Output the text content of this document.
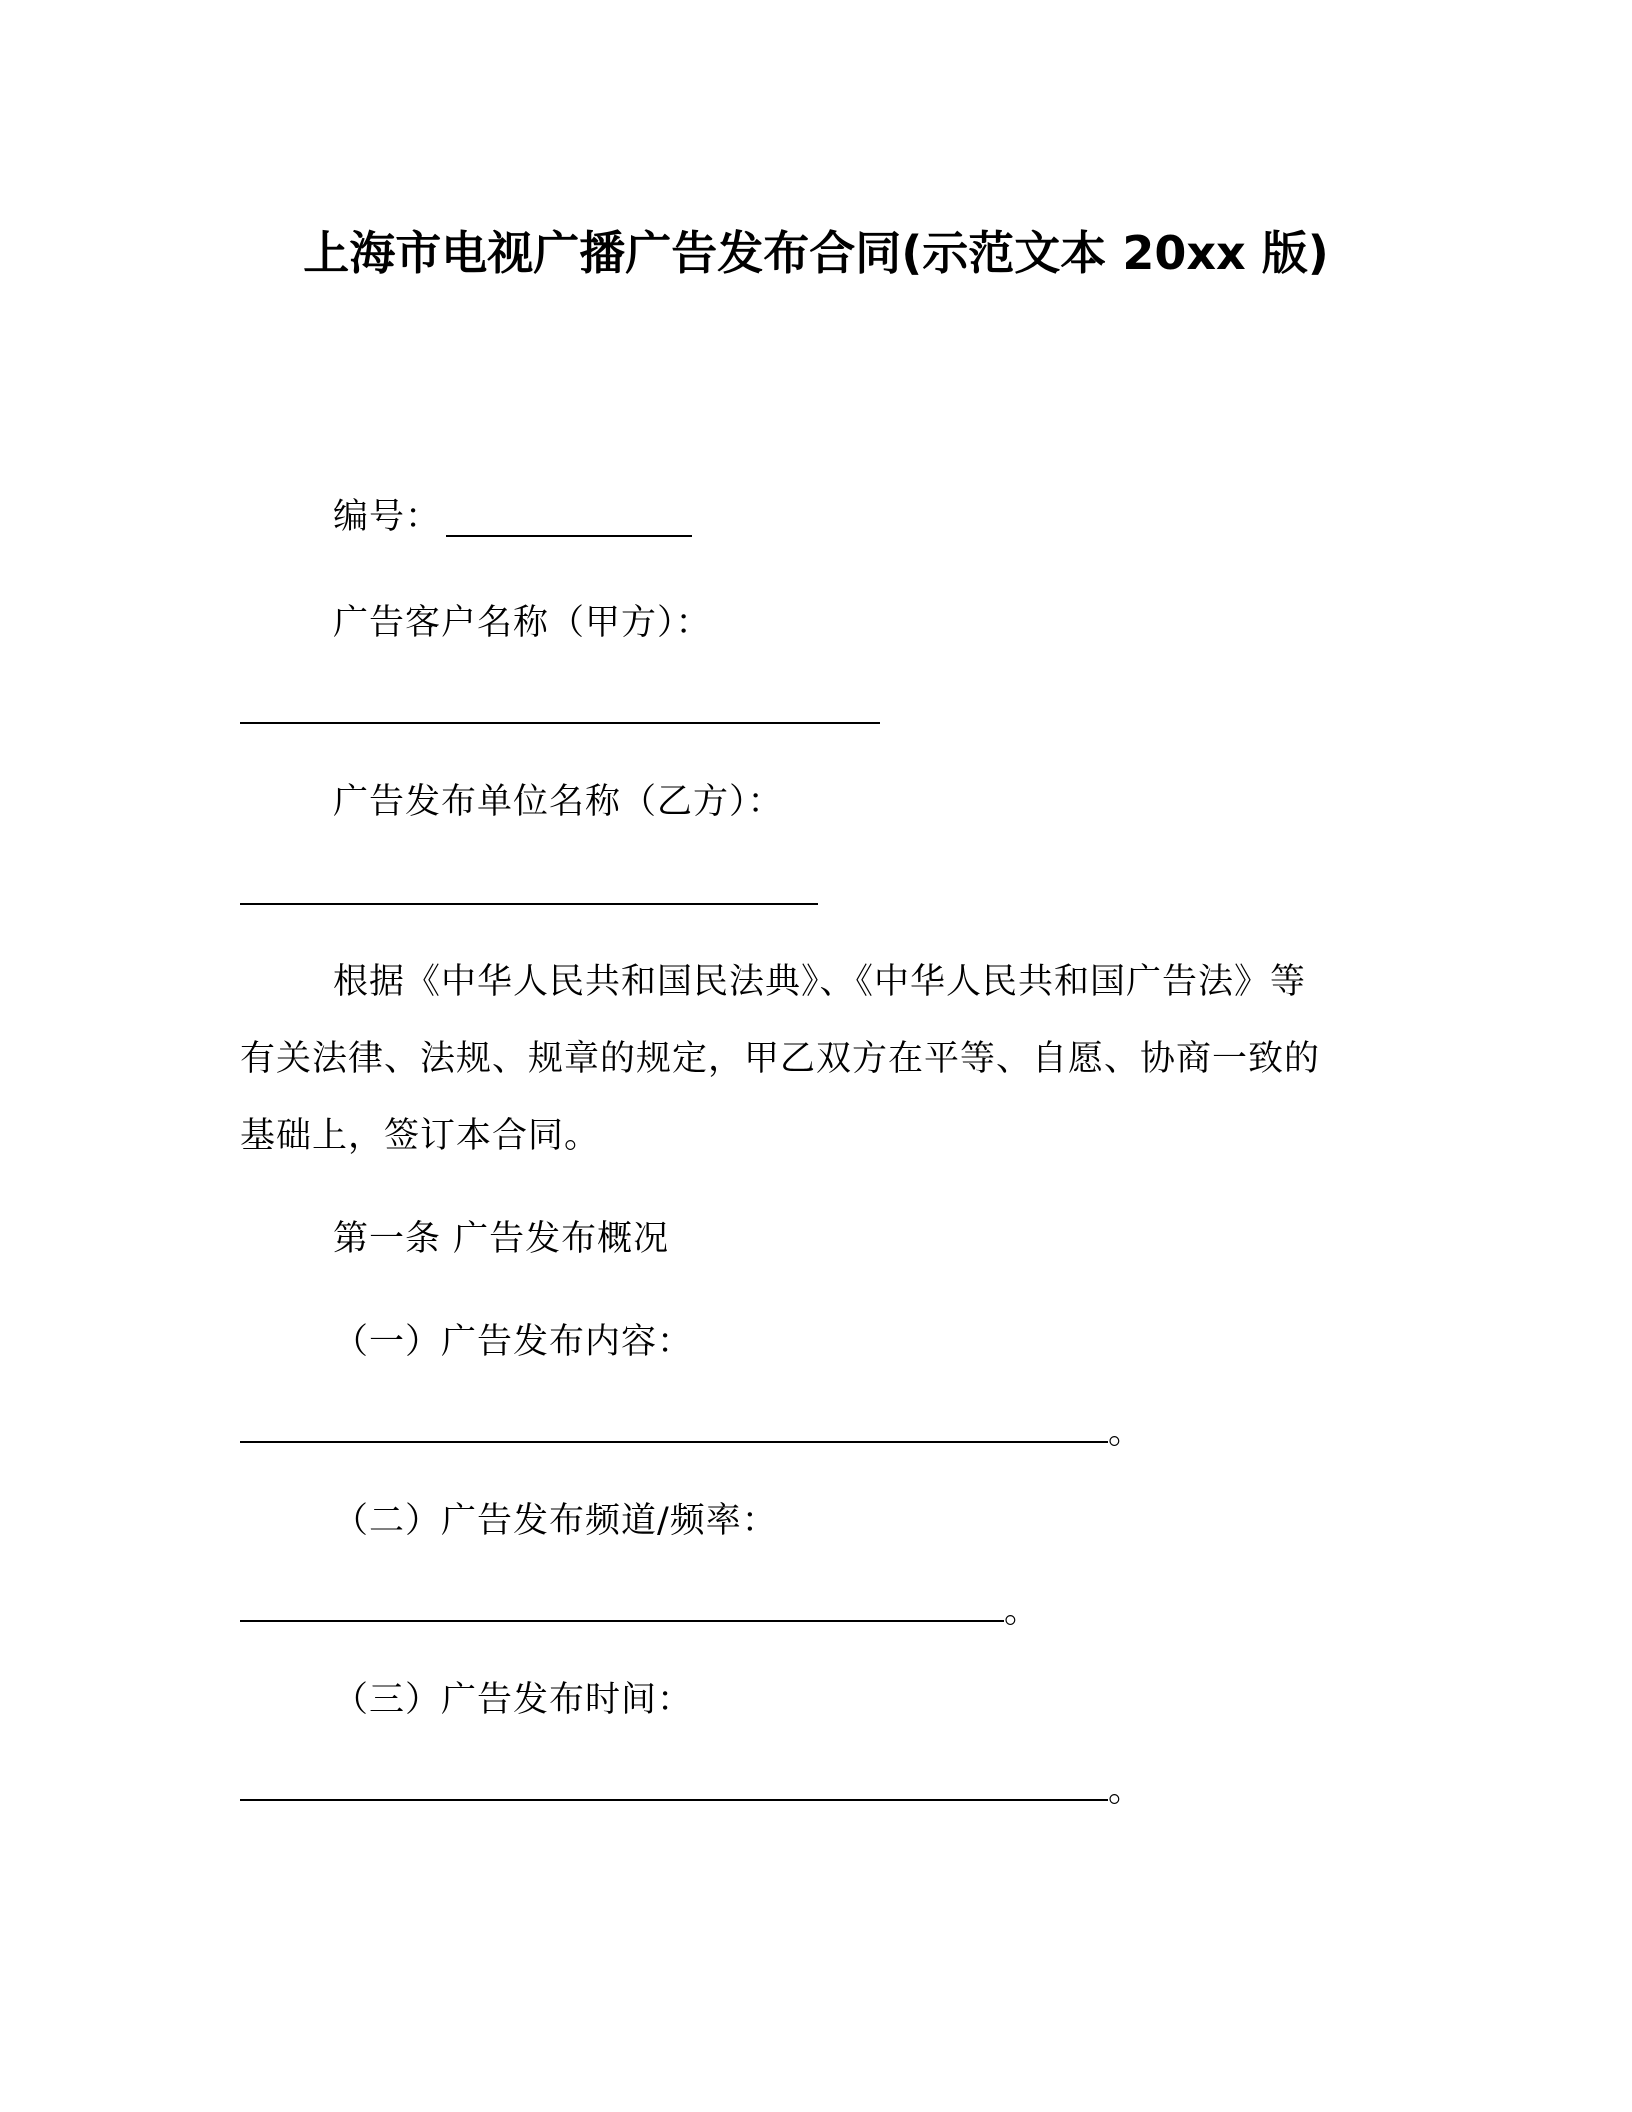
上海市电视广播广告发布合同(示范文本 20xx 版)
编号：
广告客户名称（甲方）：
广告发布单位名称（乙方）：
根据《中华人民共和国民法典》、《中华人民共和国广告法》等
有关法律、法规、规章的规定，甲乙双方在平等、自愿、协商一致的
基础上，签订本合同。
第一条 广告发布概况
（一）广告发布内容：
。
（二）广告发布频道/频率：
。
（三）广告发布时间：
。
